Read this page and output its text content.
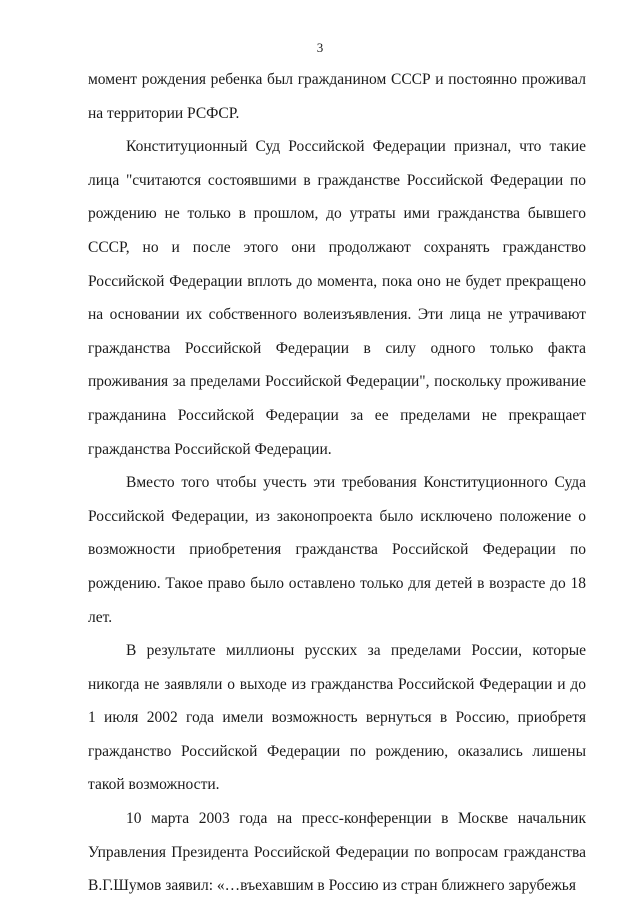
3

момент рождения ребенка был гражданином СССР и постоянно проживал на территории РСФСР.

Конституционный Суд Российской Федерации признал, что такие лица "считаются состоявшими в гражданстве Российской Федерации по рождению не только в прошлом, до утраты ими гражданства бывшего СССР, но и после этого они продолжают сохранять гражданство Российской Федерации вплоть до момента, пока оно не будет прекращено на основании их собственного волеизъявления. Эти лица не утрачивают гражданства Российской Федерации в силу одного только факта проживания за пределами Российской Федерации", поскольку проживание гражданина Российской Федерации за ее пределами не прекращает гражданства Российской Федерации.

Вместо того чтобы учесть эти требования Конституционного Суда Российской Федерации, из законопроекта было исключено положение о возможности приобретения гражданства Российской Федерации по рождению. Такое право было оставлено только для детей в возрасте до 18 лет.

В результате миллионы русских за пределами России, которые никогда не заявляли о выходе из гражданства Российской Федерации и до 1 июля 2002 года имели возможность вернуться в Россию, приобретя гражданство Российской Федерации по рождению, оказались лишены такой возможности.

10 марта 2003 года на пресс-конференции в Москве начальник Управления Президента Российской Федерации по вопросам гражданства В.Г.Шумов заявил: «…въехавшим в Россию из стран ближнего зарубежья
